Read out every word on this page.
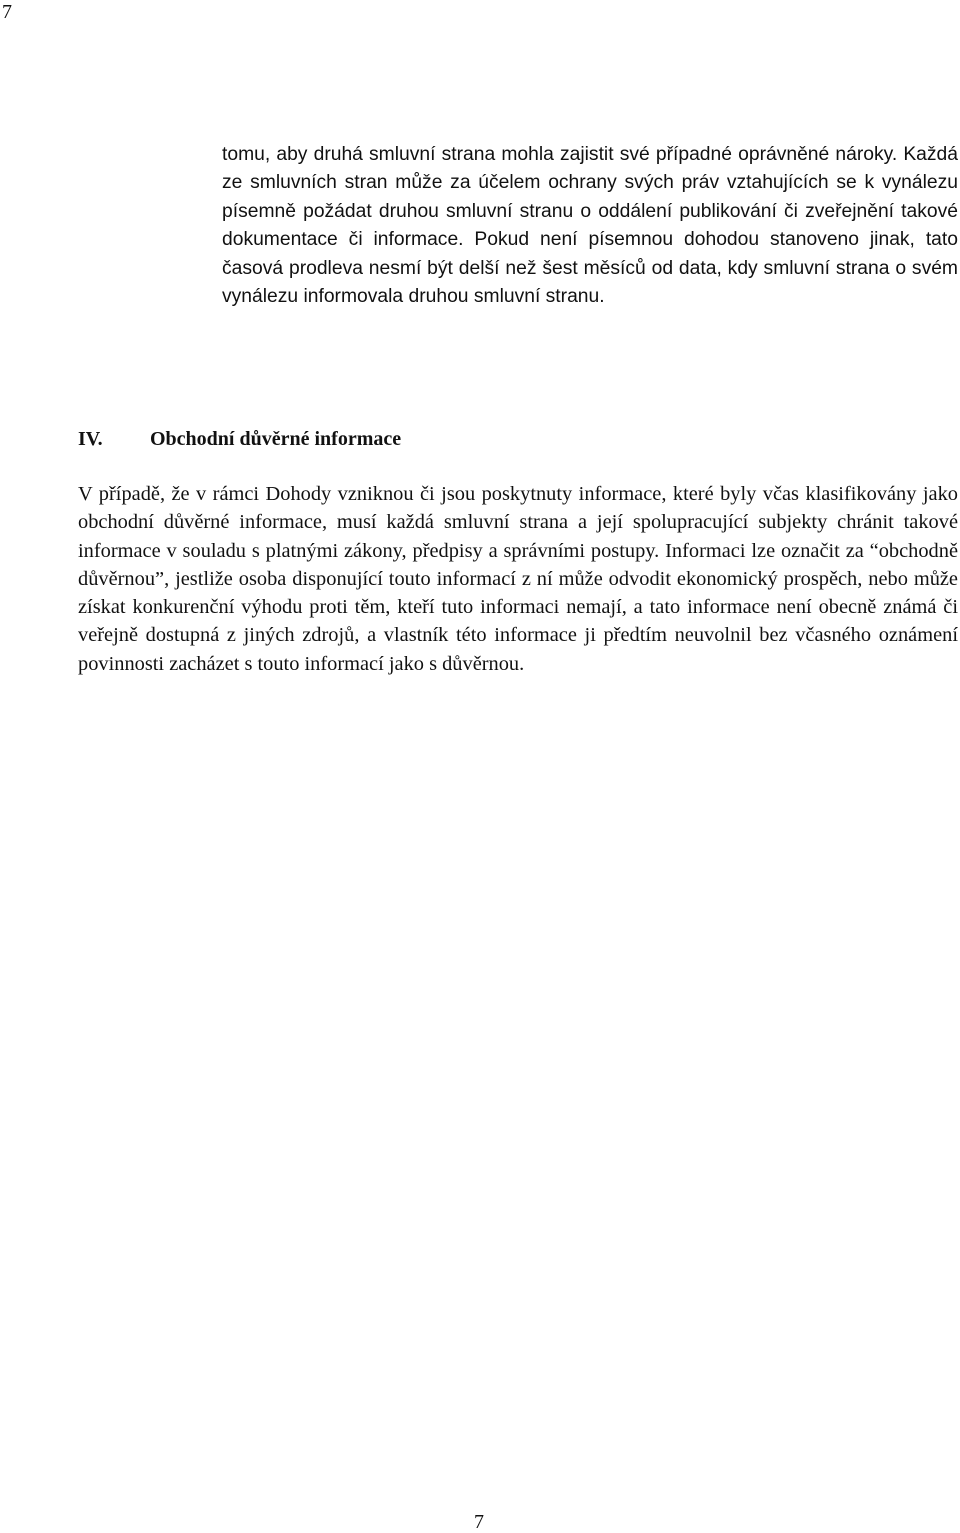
7

tomu, aby druhá smluvní strana mohla zajistit své případné oprávněné nároky. Každá ze smluvních stran může za účelem ochrany svých práv vztahujících se k vynálezu písemně požádat druhou smluvní stranu o oddálení publikování či zveřejnění takové dokumentace či informace. Pokud není písemnou dohodou stanoveno jinak, tato časová prodleva nesmí být delší než šest měsíců od data, kdy smluvní strana o svém vynálezu informovala druhou smluvní stranu.

IV. Obchodní důvěrné informace

V případě, že v rámci Dohody vzniknou či jsou poskytnuty informace, které byly včas klasifikovány jako obchodní důvěrné informace, musí každá smluvní strana a její spolupracující subjekty chránit takové informace v souladu s platnými zákony, předpisy a správními postupy. Informaci lze označit za “obchodně důvěrnou”, jestliže osoba disponující touto informací z ní může odvodit ekonomický prospěch, nebo může získat konkurenční výhodu proti těm, kteří tuto informaci nemají, a tato informace není obecně známá či veřejně dostupná z jiných zdrojů, a vlastník této informace ji předtím neuvolnil bez včasného oznámení povinnosti zacházet s touto informací jako s důvěrnou.

7
